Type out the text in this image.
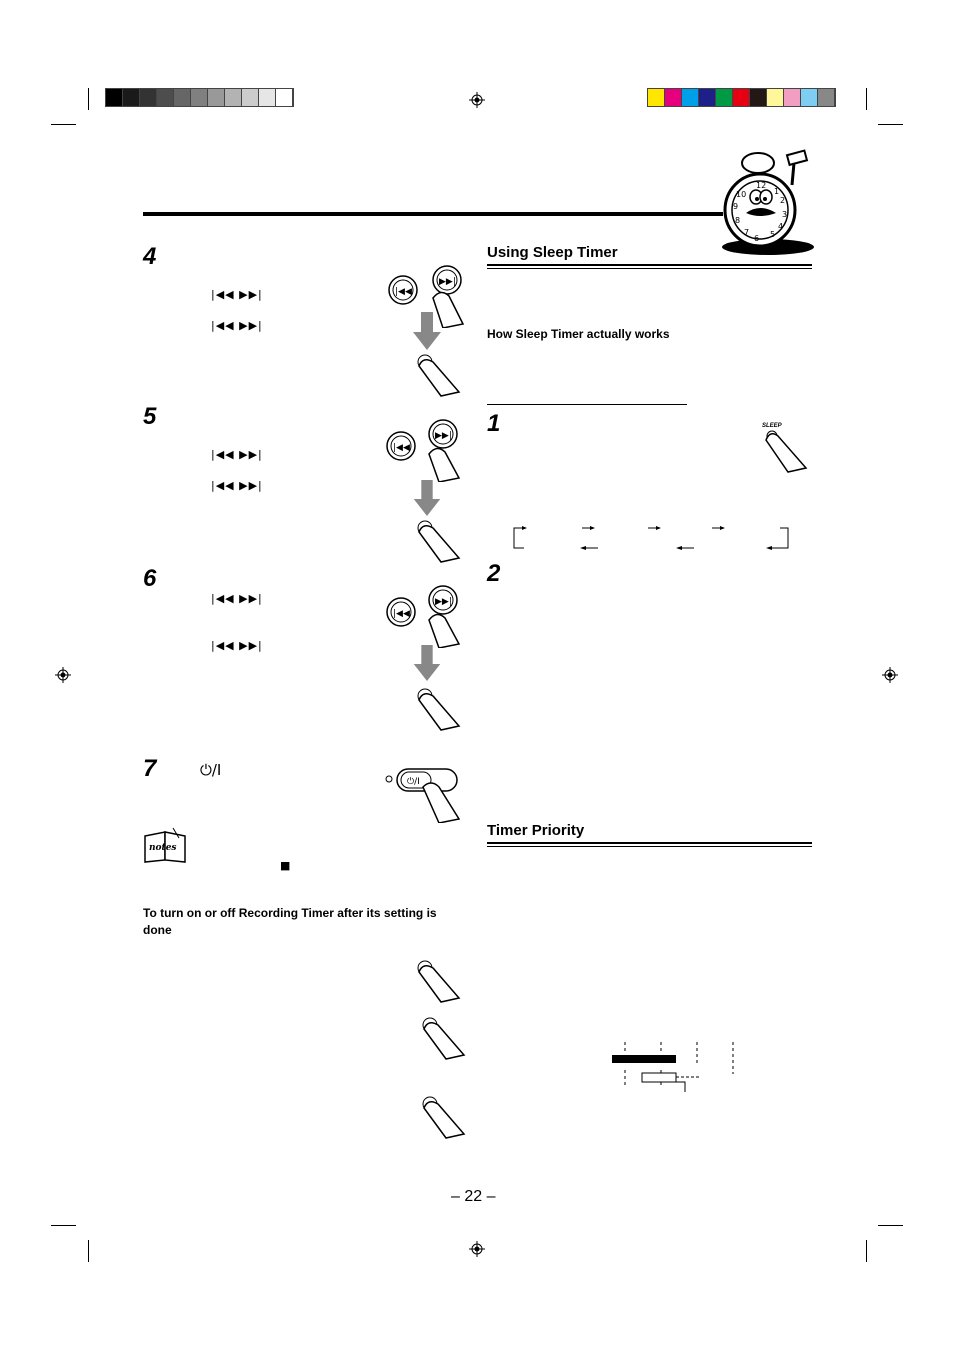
12
1
2
3
4
5
6
7
8
9
10
4
5
6
7
|◀◀ ▶▶|
|◀◀ ▶▶|
|◀◀ ▶▶|
|◀◀ ▶▶|
|◀◀ ▶▶|
|◀◀ ▶▶|
⏻/I
|◀◀
▶▶|
|◀◀
▶▶|
|◀◀
▶▶|
⏻/I
notes
■
To turn on or off Recording Timer after its setting is done
Using Sleep Timer
How Sleep Timer actually works
1
2
SLEEP
Timer Priority
– 22 –
